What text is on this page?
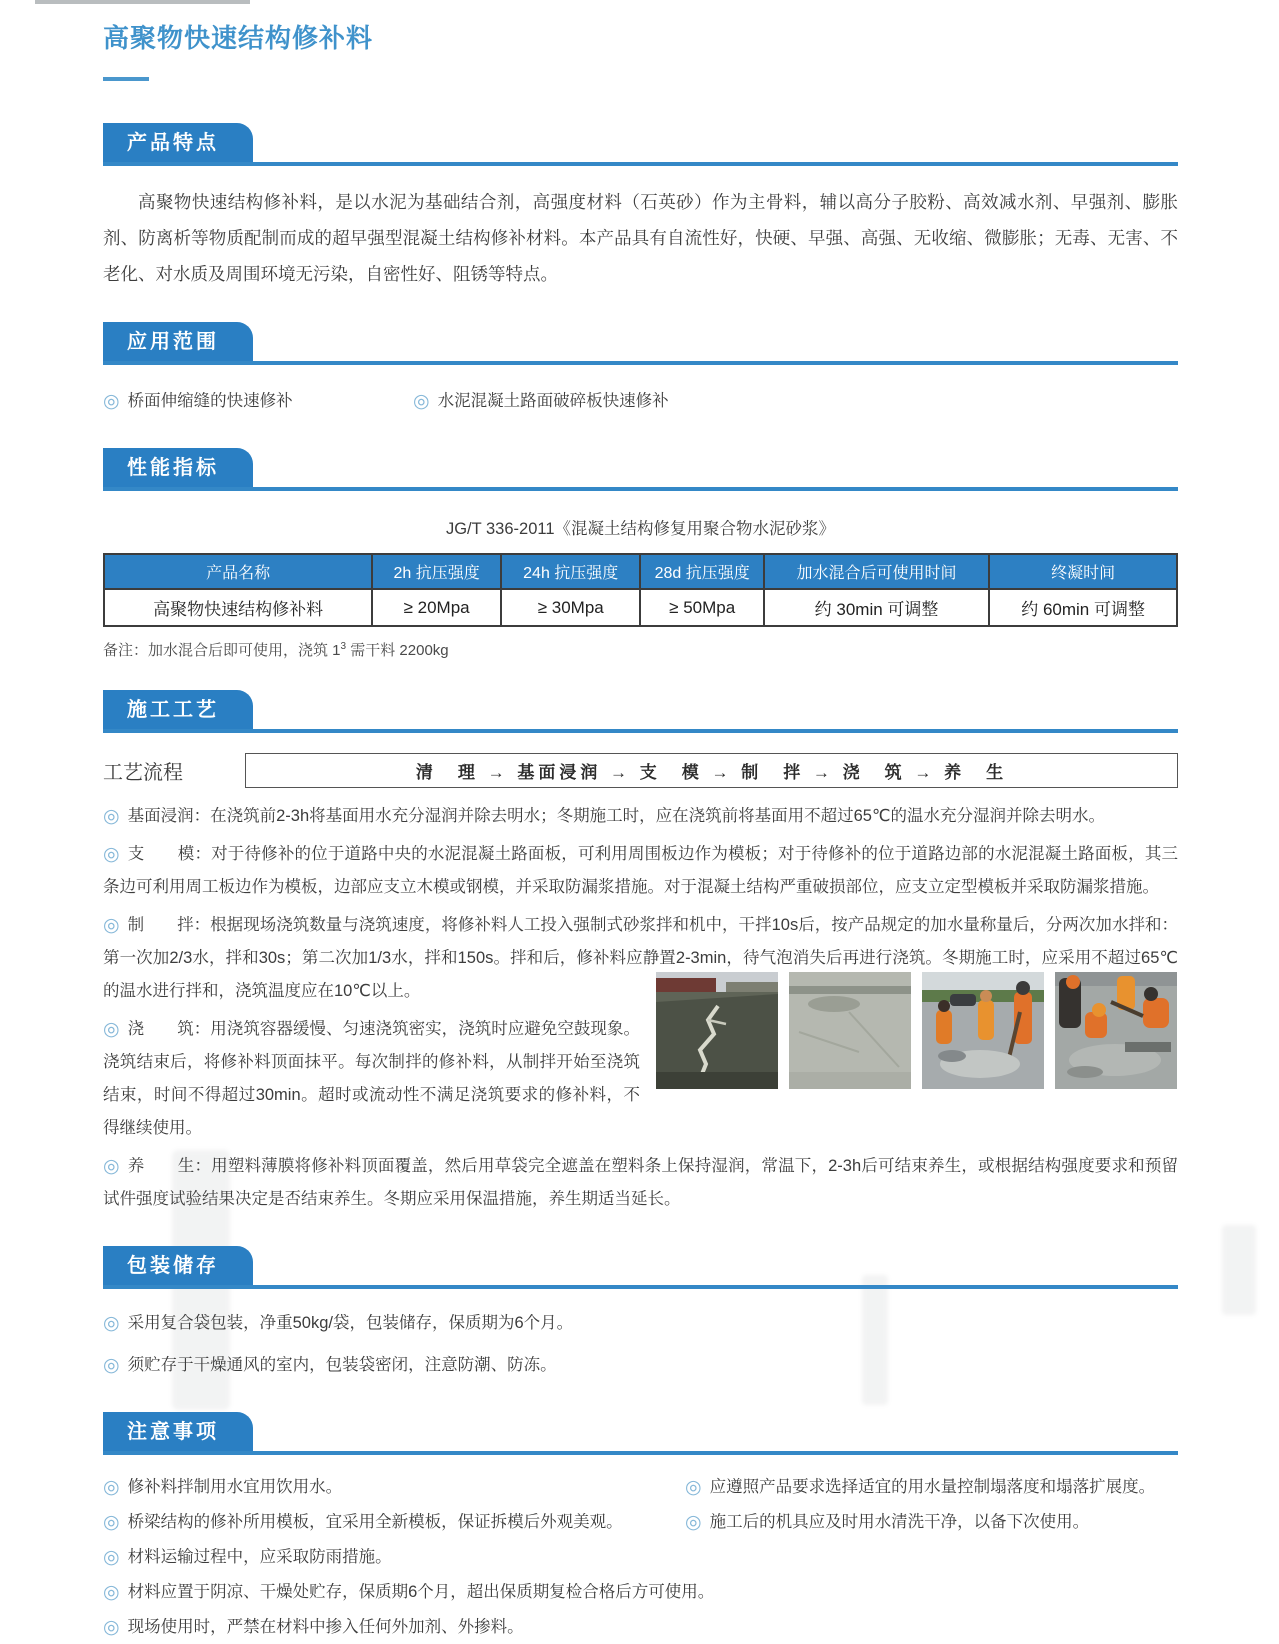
高聚物快速结构修补料
产品特点

高聚物快速结构修补料，是以水泥为基础结合剂，高强度材料（石英砂）作为主骨料，辅以高分子胶粉、高效减水剂、早强剂、膨胀剂、防离析等物质配制而成的超早强型混凝土结构修补材料。本产品具有自流性好，快硬、早强、高强、无收缩、微膨胀；无毒、无害、不老化、对水质及周围环境无污染，自密性好、阻锈等特点。

应用范围

◎ 桥面伸缩缝的快速修补	◎ 水泥混凝土路面破碎板快速修补

性能指标
JG/T 336-2011《混凝土结构修复用聚合物水泥砂浆》
产品名称	2h 抗压强度	24h 抗压强度	28d 抗压强度	加水混合后可使用时间	终凝时间
高聚物快速结构修补料	≥ 20Mpa	≥ 30Mpa	≥ 50Mpa	约 30min 可调整	约 60min 可调整

备注：加水混合后即可使用，浇筑 $1^3$ 需干料 2200kg

施工工艺
工艺流程	清　理 → 基面浸润 → 支　模 → 制　拌 → 浇　筑 → 养　生

◎ 基面浸润：在浇筑前2-3h将基面用水充分湿润并除去明水；冬期施工时，应在浇筑前将基面用不超过65℃的温水充分湿润并除去明水。

◎ 支　　模：对于待修补的位于道路中央的水泥混凝土路面板，可利用周围板边作为模板；对于待修补的位于道路边部的水泥混凝土路面板，其三条边可利用周工板边作为模板，边部应支立木模或钢模，并采取防漏浆措施。对于混凝土结构严重破损部位，应支立定型模板并采取防漏浆措施。

◎ 制　　拌：根据现场浇筑数量与浇筑速度，将修补料人工投入强制式砂浆拌和机中，干拌10s后，按产品规定的加水量称量后，分两次加水拌和：第一次加2/3水，拌和30s；第二次加1/3水，拌和150s。拌和后，修补料应静置2-3min，待气泡消失后再进行浇筑。冬期施工时，应采用不超过65℃的温水进行拌和，浇筑温度应在10℃以上。

◎ 浇　　筑：用浇筑容器缓慢、匀速浇筑密实，浇筑时应避免空鼓现象。浇筑结束后，将修补料顶面抹平。每次制拌的修补料，从制拌开始至浇筑结束，时间不得超过30min。超时或流动性不满足浇筑要求的修补料，不得继续使用。

◎ 养　　生：用塑料薄膜将修补料顶面覆盖，然后用草袋完全遮盖在塑料条上保持湿润，常温下，2-3h后可结束养生，或根据结构强度要求和预留试件强度试验结果决定是否结束养生。冬期应采用保温措施，养生期适当延长。

包装储存

◎ 采用复合袋包装，净重50kg/袋，包装储存，保质期为6个月。

◎ 须贮存于干燥通风的室内，包装袋密闭，注意防潮、防冻。

注意事项

◎ 修补料拌制用水宜用饮用水。	◎ 应遵照产品要求选择适宜的用水量控制塌落度和塌落扩展度。

◎ 桥梁结构的修补所用模板，宜采用全新模板，保证拆模后外观美观。	◎ 施工后的机具应及时用水清洗干净，以备下次使用。

◎ 材料运输过程中，应采取防雨措施。

◎ 材料应置于阴凉、干燥处贮存，保质期6个月，超出保质期复检合格后方可使用。

◎ 现场使用时，严禁在材料中掺入任何外加剂、外掺料。
